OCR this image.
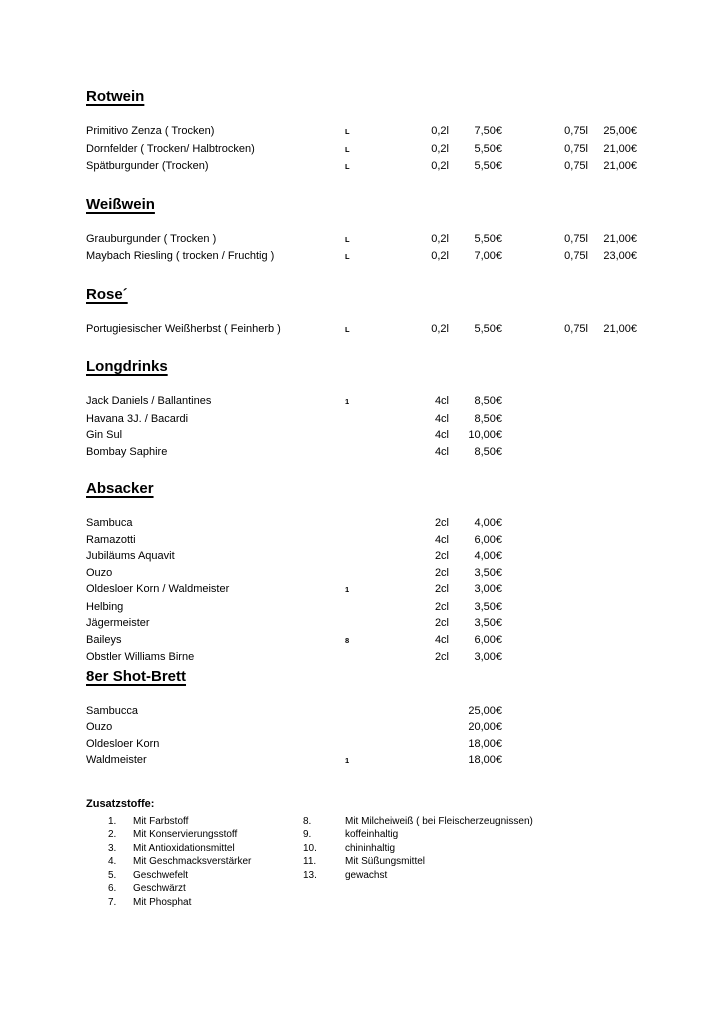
Rotwein
Primitivo Zenza ( Trocken)	L	0,2l	7,50€	0,75l	25,00€
Dornfelder ( Trocken/ Halbtrocken)	L	0,2l	5,50€	0,75l	21,00€
Spätburgunder (Trocken)	L	0,2l	5,50€	0,75l	21,00€
Weißwein
Grauburgunder ( Trocken )	L	0,2l	5,50€	0,75l	21,00€
Maybach Riesling ( trocken / Fruchtig )	L	0,2l	7,00€	0,75l	23,00€
Rose´
Portugiesischer Weißherbst ( Feinherb )	L	0,2l	5,50€	0,75l	21,00€
Longdrinks
Jack Daniels / Ballantines	1	4cl	8,50€
Havana 3J. / Bacardi	4cl	8,50€
Gin Sul	4cl	10,00€
Bombay Saphire	4cl	8,50€
Absacker
Sambuca	2cl	4,00€
Ramazotti	4cl	6,00€
Jubiläums Aquavit	2cl	4,00€
Ouzo	2cl	3,50€
Oldesloer Korn / Waldmeister	1	2cl	3,00€
Helbing	2cl	3,50€
Jägermeister	2cl	3,50€
Baileys	8	4cl	6,00€
Obstler Williams Birne	2cl	3,00€
8er Shot-Brett
Sambucca	25,00€
Ouzo	20,00€
Oldesloer Korn	18,00€
Waldmeister	1	18,00€
Zusatzstoffe:
1.	Mit Farbstoff	8.	Mit Milcheiweiß ( bei Fleischerzeugnissen)
2.	Mit Konservierungsstoff	9.	koffeinhaltig
3.	Mit Antioxidationsmittel	10.	chininhaltig
4.	Mit Geschmacksverstärker	11.	Mit Süßungsmittel
5.	Geschwefelt	13.	gewachst
6.	Geschwärzt
7.	Mit Phosphat
